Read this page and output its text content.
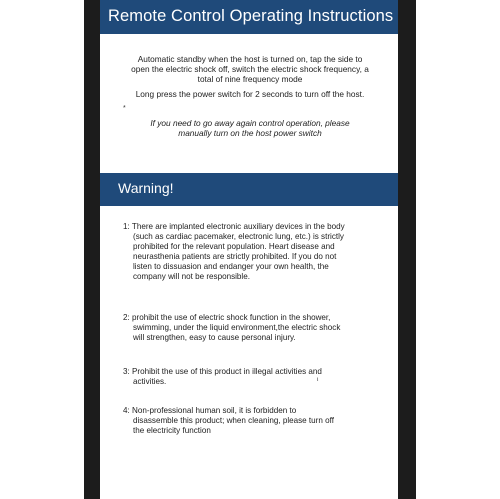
Remote Control Operating Instructions
Automatic standby when the host is turned on, tap the side to
open the electric shock off, switch the electric shock frequency, a
total of nine frequency mode
Long press the power switch for 2 seconds to turn off the host.
*
If you need to go away again control operation, please
manually turn on the host power switch
Warning!
1: There are implanted electronic auxiliary devices in the body
(such as cardiac pacemaker, electronic lung, etc.) is strictly
prohibited for the relevant population. Heart disease and
neurasthenia patients are strictly prohibited. If you do not
listen to dissuasion and endanger your own health, the
company will not be responsible.
2: prohibit the use of electric shock function in the shower,
swimming, under the liquid environment,the electric shock
will strengthen, easy to cause personal injury.
3: Prohibit the use of this product in illegal activities and
activities.	ι
4: Non-professional human soil, it is forbidden to
disassemble this product; when cleaning, please turn off
the electricity function
